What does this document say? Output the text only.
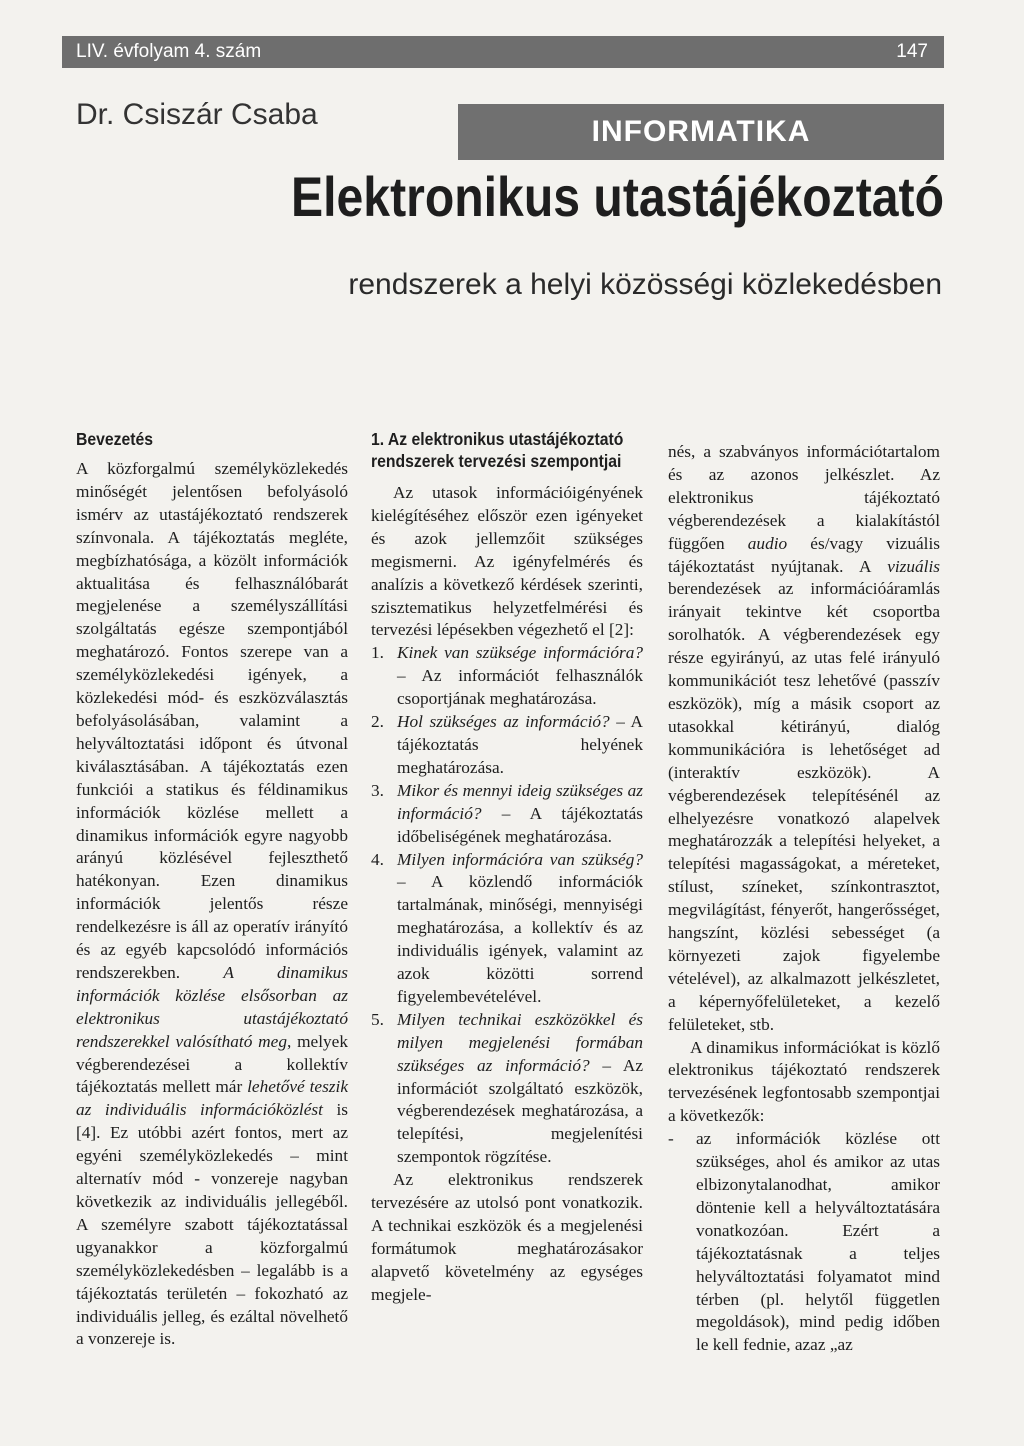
LIV. évfolyam 4. szám	147
Dr. Csiszár Csaba
INFORMATIKA
Elektronikus utastájékoztató
rendszerek a helyi közösségi közlekedésben
Bevezetés

A közforgalmú személyközlekedés minőségét jelentősen befolyásoló ismérv az utastájékoztató rendszerek színvonala. A tájékoztatás megléte, megbízhatósága, a közölt információk aktualitása és felhasználóbarát megjelenése a személyszállítási szolgáltatás egésze szempontjából meghatározó. Fontos szerepe van a személyközlekedési igények, a közlekedési mód- és eszközválasztás befolyásolásában, valamint a helyváltoztatási időpont és útvonal kiválasztásában. A tájékoztatás ezen funkciói a statikus és féldinamikus információk közlése mellett a dinamikus információk egyre nagyobb arányú közlésével fejleszthető hatékonyan. Ezen dinamikus információk jelentős része rendelkezésre is áll az operatív irányító és az egyéb kapcsolódó információs rendszerekben. A dinamikus információk közlése elsősorban az elektronikus utastájékoztató rendszerekkel valósítható meg, melyek végberendezései a kollektív tájékoztatás mellett már lehetővé teszik az individuális információközlést is [4]. Ez utóbbi azért fontos, mert az egyéni személyközlekedés – mint alternatív mód - vonzereje nagyban következik az individuális jellegéből. A személyre szabott tájékoztatással ugyanakkor a közforgalmú személyközlekedésben – legalább is a tájékoztatás területén – fokozható az individuális jelleg, és ezáltal növelhető a vonzereje is.

1. Az elektronikus utastájékoztató
rendszerek tervezési szempontjai

Az utasok információigényének kielégítéséhez először ezen igényeket és azok jellemzőit szükséges megismerni. Az igényfelmérés és analízis a következő kérdések szerinti, szisztematikus helyzetfelmérési és tervezési lépésekben végezhető el [2]:

1. Kinek van szüksége információra? – Az információt felhasználók csoportjának meghatározása.
2. Hol szükséges az információ? – A tájékoztatás helyének meghatározása.
3. Mikor és mennyi ideig szükséges az információ? – A tájékoztatás időbeliségének meghatározása.
4. Milyen információra van szükség? – A közlendő információk tartalmának, minőségi, mennyiségi meghatározása, a kollektív és az individuális igények, valamint az azok közötti sorrend figyelembevételével.
5. Milyen technikai eszközökkel és milyen megjelenési formában szükséges az információ? – Az információt szolgáltató eszközök, végberendezések meghatározása, a telepítési, megjelenítési szempontok rögzítése.

Az elektronikus rendszerek tervezésére az utolsó pont vonatkozik. A technikai eszközök és a megjelenési formátumok meghatározásakor alapvető követelmény az egységes megjele-

nés, a szabványos információtartalom és az azonos jelkészlet. Az elektronikus tájékoztató végberendezések a kialakítástól függően audio és/vagy vizuális tájékoztatást nyújtanak. A vizuális berendezések az információáramlás irányait tekintve két csoportba sorolhatók. A végberendezések egy része egyirányú, az utas felé irányuló kommunikációt tesz lehetővé (passzív eszközök), míg a másik csoport az utasokkal kétirányú, dialóg kommunikációra is lehetőséget ad (interaktív eszközök). A végberendezések telepítésénél az elhelyezésre vonatkozó alapelvek meghatározzák a telepítési helyeket, a telepítési magasságokat, a méreteket, stílust, színeket, színkontrasztot, megvilágítást, fényerőt, hangerősséget, hangszínt, közlési sebességet (a környezeti zajok figyelembe vételével), az alkalmazott jelkészletet, a képernyőfelületeket, a kezelő felületeket, stb.

A dinamikus információkat is közlő elektronikus tájékoztató rendszerek tervezésének legfontosabb szempontjai a következők:

- az információk közlése ott szükséges, ahol és amikor az utas elbizonytalanodhat, amikor döntenie kell a helyváltoztatására vonatkozóan. Ezért a tájékoztatásnak a teljes helyváltoztatási folyamatot mind térben (pl. helytől független megoldások), mind pedig időben le kell fednie, azaz „az
